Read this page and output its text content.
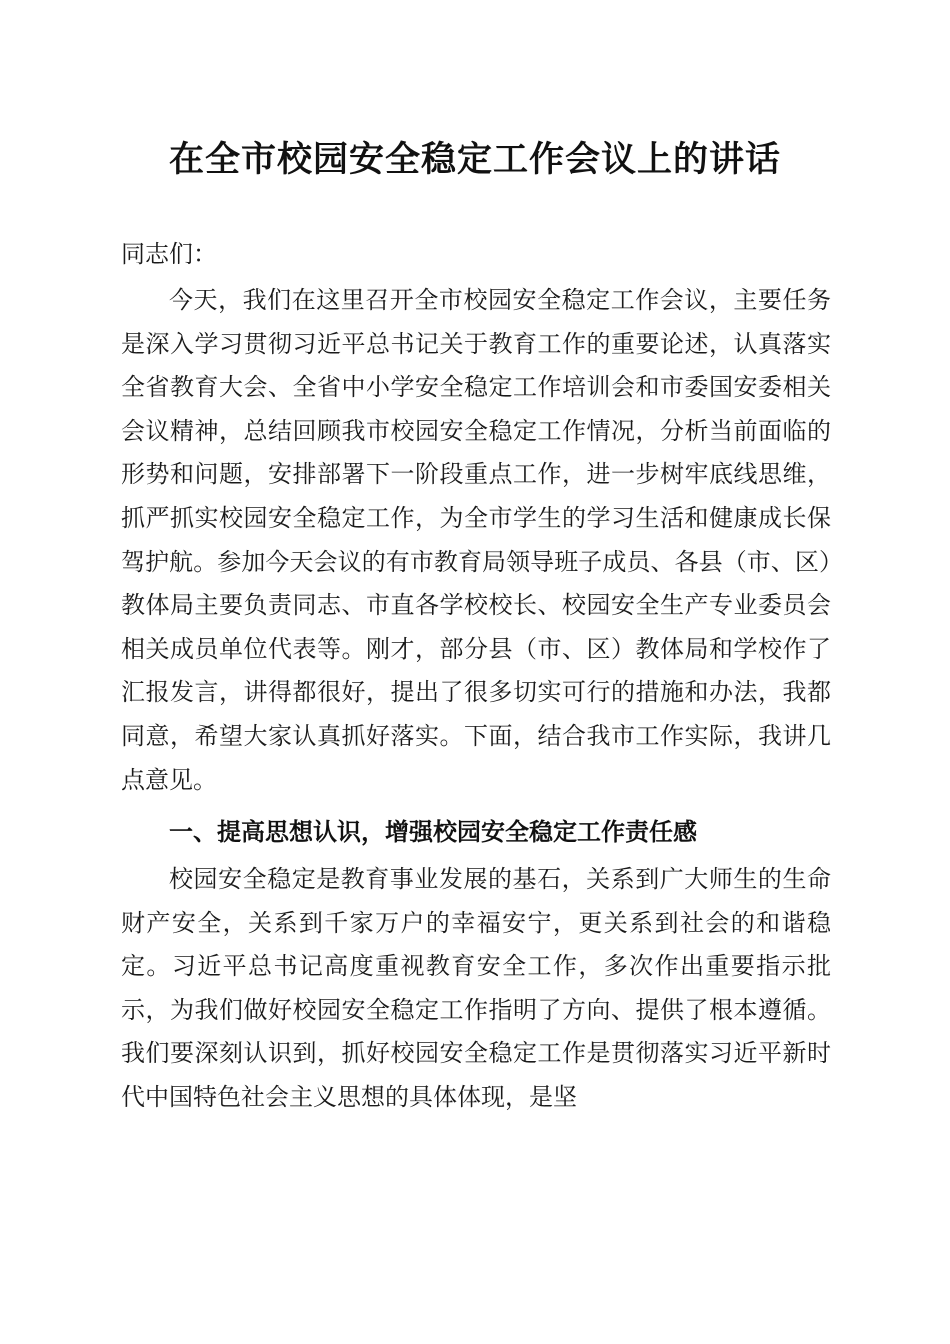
在全市校园安全稳定工作会议上的讲话
同志们：

今天，我们在这里召开全市校园安全稳定工作会议，主要任务是深入学习贯彻习近平总书记关于教育工作的重要论述，认真落实全省教育大会、全省中小学安全稳定工作培训会和市委国安委相关会议精神，总结回顾我市校园安全稳定工作情况，分析当前面临的形势和问题，安排部署下一阶段重点工作，进一步树牢底线思维，抓严抓实校园安全稳定工作，为全市学生的学习生活和健康成长保驾护航。参加今天会议的有市教育局领导班子成员、各县（市、区）教体局主要负责同志、市直各学校校长、校园安全生产专业委员会相关成员单位代表等。刚才，部分县（市、区）教体局和学校作了汇报发言，讲得都很好，提出了很多切实可行的措施和办法，我都同意，希望大家认真抓好落实。下面，结合我市工作实际，我讲几点意见。

一、提高思想认识，增强校园安全稳定工作责任感

校园安全稳定是教育事业发展的基石，关系到广大师生的生命财产安全，关系到千家万户的幸福安宁，更关系到社会的和谐稳定。习近平总书记高度重视教育安全工作，多次作出重要指示批示，为我们做好校园安全稳定工作指明了方向、提供了根本遵循。我们要深刻认识到，抓好校园安全稳定工作是贯彻落实习近平新时代中国特色社会主义思想的具体体现，是坚
